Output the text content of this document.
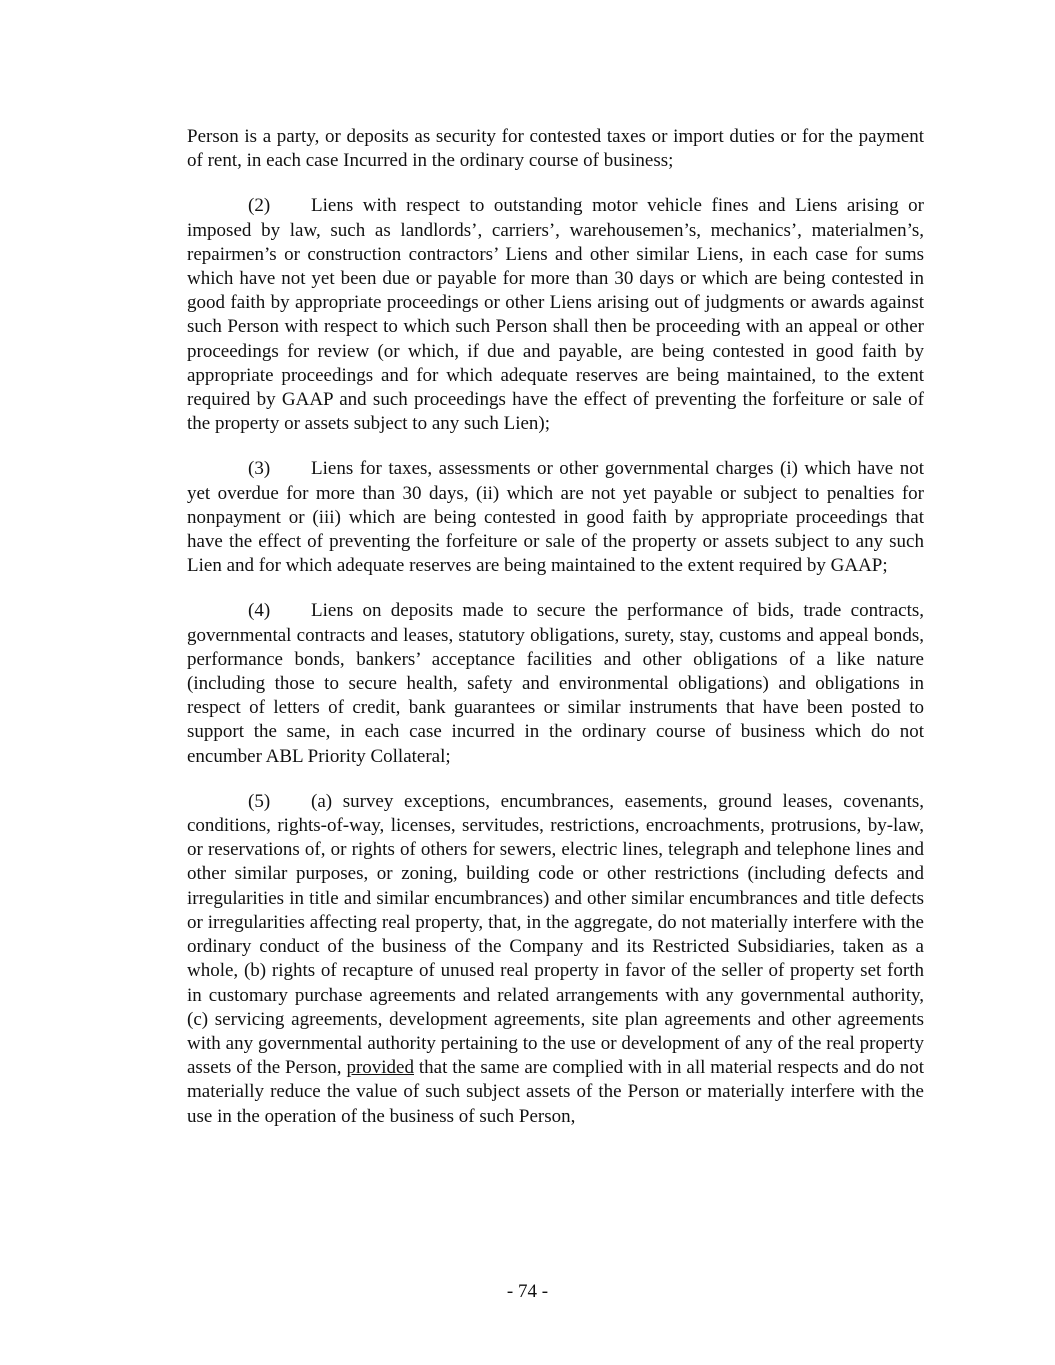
Person is a party, or deposits as security for contested taxes or import duties or for the payment of rent, in each case Incurred in the ordinary course of business;

(2) Liens with respect to outstanding motor vehicle fines and Liens arising or imposed by law, such as landlords’, carriers’, warehousemen’s, mechanics’, materialmen’s, repairmen’s or construction contractors’ Liens and other similar Liens, in each case for sums which have not yet been due or payable for more than 30 days or which are being contested in good faith by appropriate proceedings or other Liens arising out of judgments or awards against such Person with respect to which such Person shall then be proceeding with an appeal or other proceedings for review (or which, if due and payable, are being contested in good faith by appropriate proceedings and for which adequate reserves are being maintained, to the extent required by GAAP and such proceedings have the effect of preventing the forfeiture or sale of the property or assets subject to any such Lien);

(3) Liens for taxes, assessments or other governmental charges (i) which have not yet overdue for more than 30 days, (ii) which are not yet payable or subject to penalties for nonpayment or (iii) which are being contested in good faith by appropriate proceedings that have the effect of preventing the forfeiture or sale of the property or assets subject to any such Lien and for which adequate reserves are being maintained to the extent required by GAAP;

(4) Liens on deposits made to secure the performance of bids, trade contracts, governmental contracts and leases, statutory obligations, surety, stay, customs and appeal bonds, performance bonds, bankers’ acceptance facilities and other obligations of a like nature (including those to secure health, safety and environmental obligations) and obligations in respect of letters of credit, bank guarantees or similar instruments that have been posted to support the same, in each case incurred in the ordinary course of business which do not encumber ABL Priority Collateral;

(5) (a) survey exceptions, encumbrances, easements, ground leases, covenants, conditions, rights-of-way, licenses, servitudes, restrictions, encroachments, protrusions, by-law, or reservations of, or rights of others for sewers, electric lines, telegraph and telephone lines and other similar purposes, or zoning, building code or other restrictions (including defects and irregularities in title and similar encumbrances) and other similar encumbrances and title defects or irregularities affecting real property, that, in the aggregate, do not materially interfere with the ordinary conduct of the business of the Company and its Restricted Subsidiaries, taken as a whole, (b) rights of recapture of unused real property in favor of the seller of property set forth in customary purchase agreements and related arrangements with any governmental authority, (c) servicing agreements, development agreements, site plan agreements and other agreements with any governmental authority pertaining to the use or development of any of the real property assets of the Person, provided that the same are complied with in all material respects and do not materially reduce the value of such subject assets of the Person or materially interfere with the use in the operation of the business of such Person,

- 74 -
